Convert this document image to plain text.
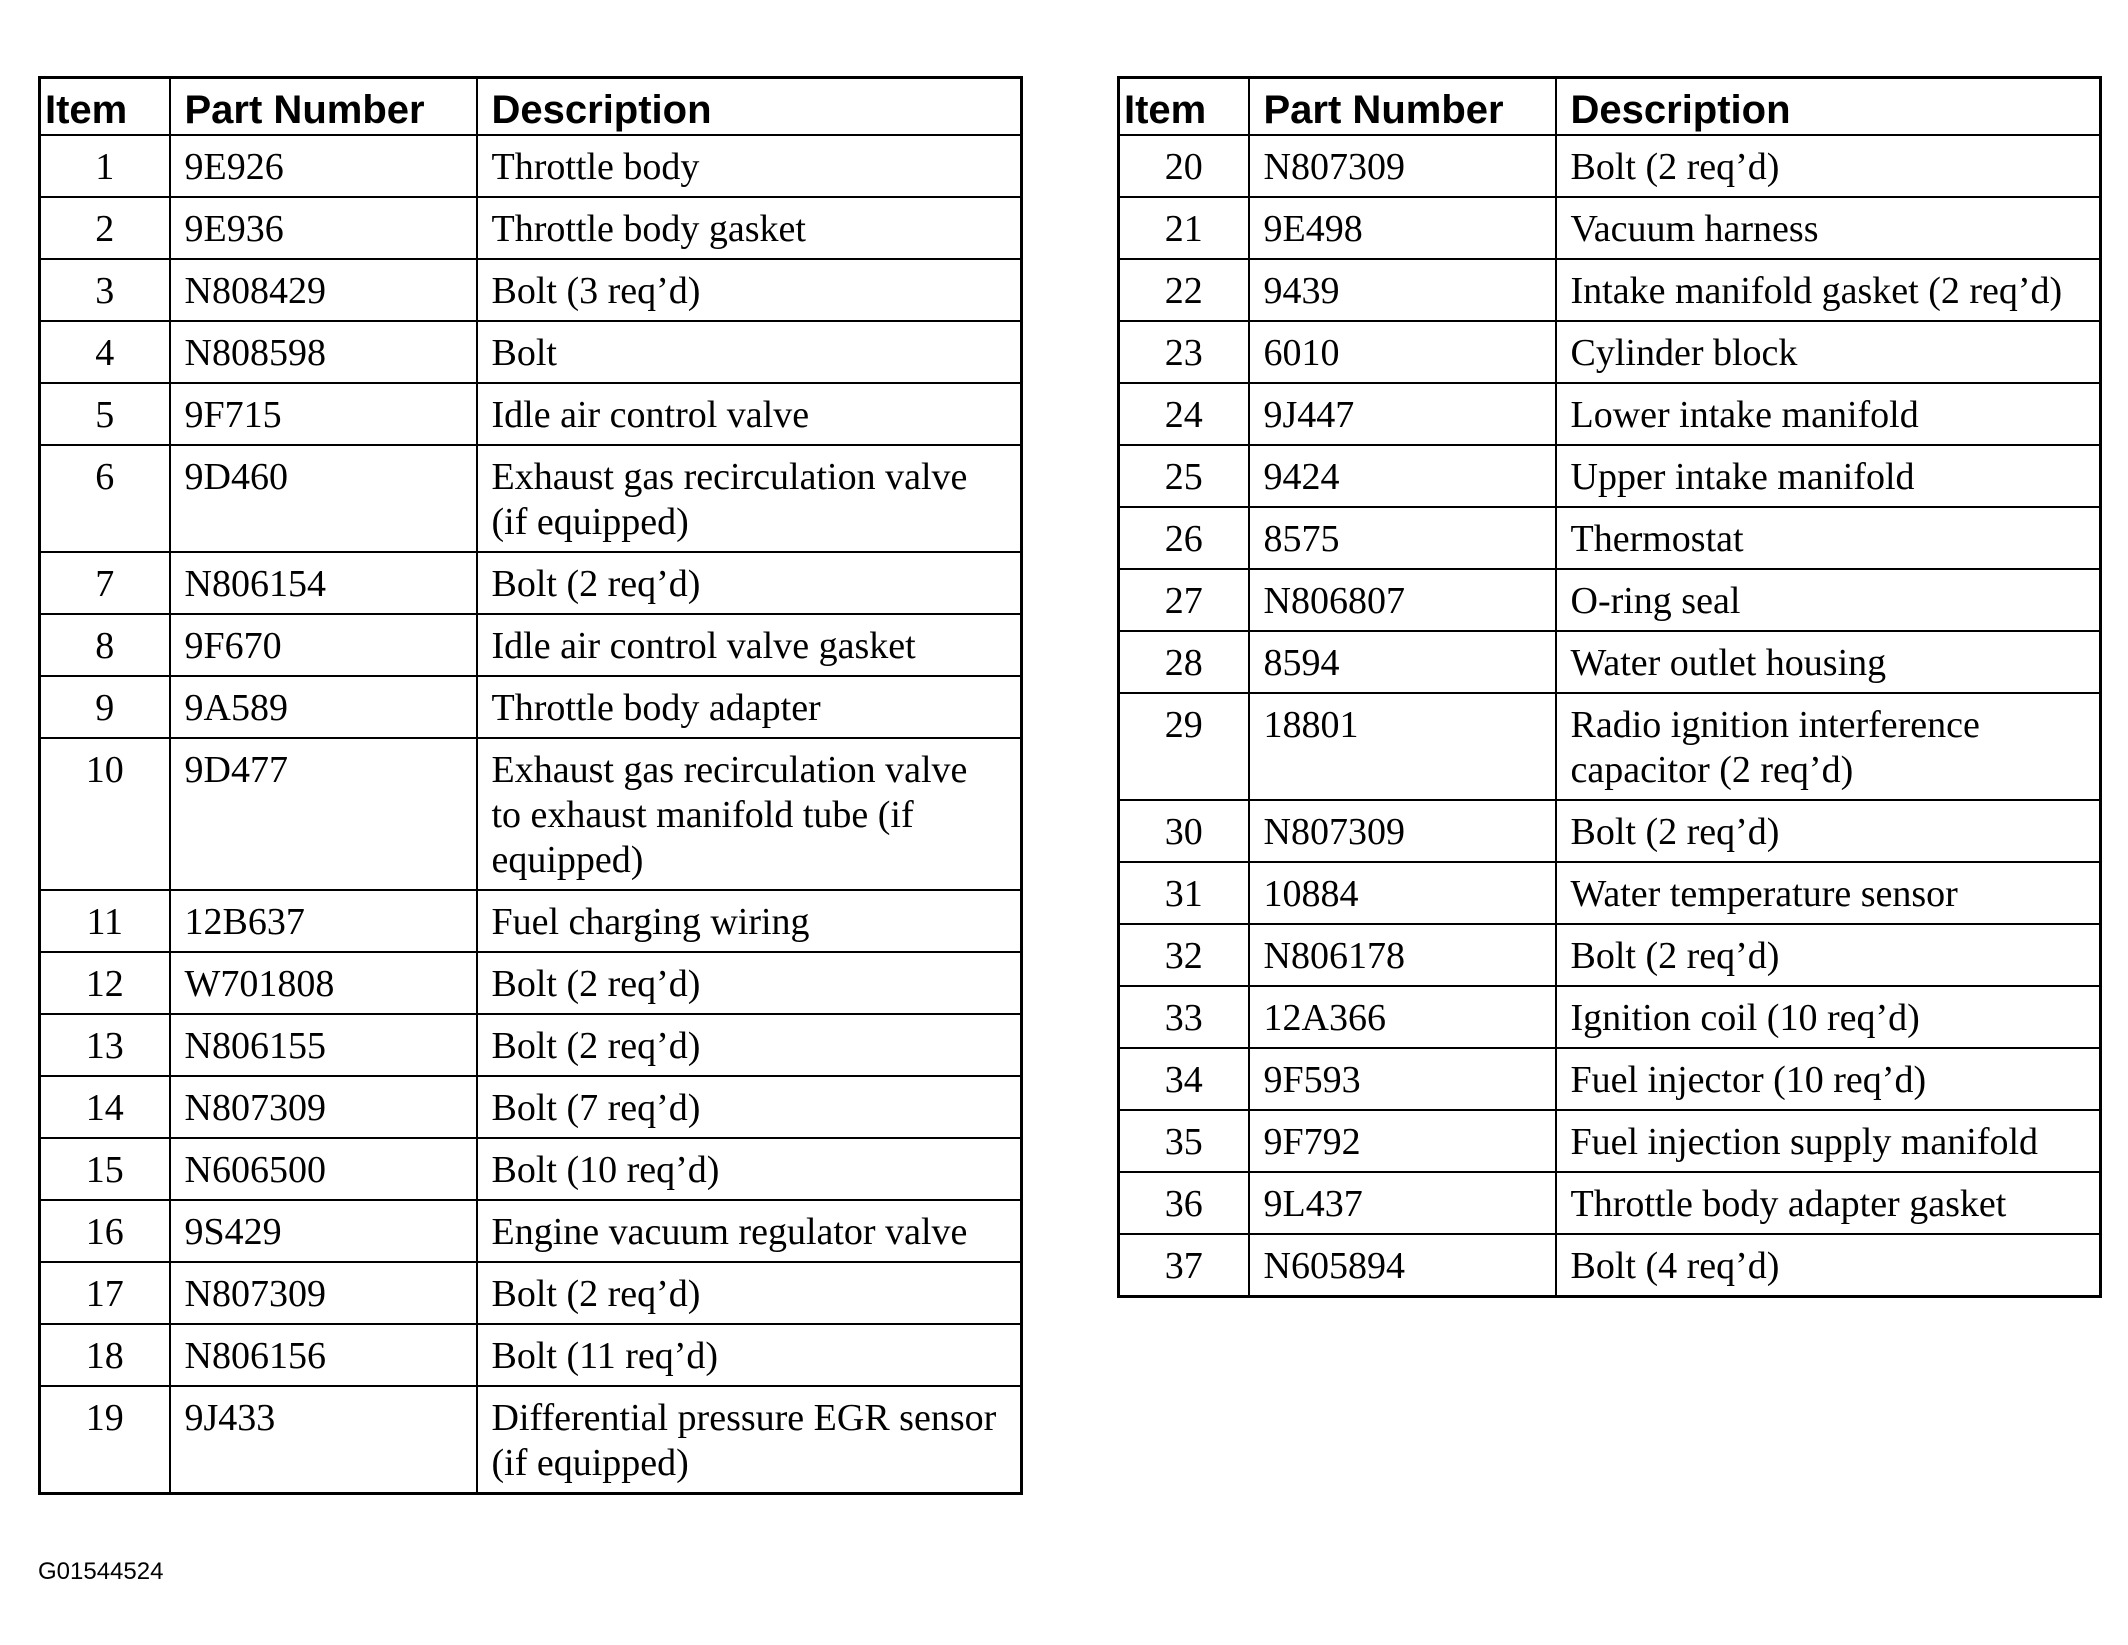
Item	Part Number	Description
1	9E926	Throttle body
2	9E936	Throttle body gasket
3	N808429	Bolt (3 req’d)
4	N808598	Bolt
5	9F715	Idle air control valve
6	9D460	Exhaust gas recirculation valve (if equipped)
7	N806154	Bolt (2 req’d)
8	9F670	Idle air control valve gasket
9	9A589	Throttle body adapter
10	9D477	Exhaust gas recirculation valve to exhaust manifold tube (if equipped)
11	12B637	Fuel charging wiring
12	W701808	Bolt (2 req’d)
13	N806155	Bolt (2 req’d)
14	N807309	Bolt (7 req’d)
15	N606500	Bolt (10 req’d)
16	9S429	Engine vacuum regulator valve
17	N807309	Bolt (2 req’d)
18	N806156	Bolt (11 req’d)
19	9J433	Differential pressure EGR sensor (if equipped)
Item	Part Number	Description
20	N807309	Bolt (2 req’d)
21	9E498	Vacuum harness
22	9439	Intake manifold gasket (2 req’d)
23	6010	Cylinder block
24	9J447	Lower intake manifold
25	9424	Upper intake manifold
26	8575	Thermostat
27	N806807	O-ring seal
28	8594	Water outlet housing
29	18801	Radio ignition interference capacitor (2 req’d)
30	N807309	Bolt (2 req’d)
31	10884	Water temperature sensor
32	N806178	Bolt (2 req’d)
33	12A366	Ignition coil (10 req’d)
34	9F593	Fuel injector (10 req’d)
35	9F792	Fuel injection supply manifold
36	9L437	Throttle body adapter gasket
37	N605894	Bolt (4 req’d)
G01544524
